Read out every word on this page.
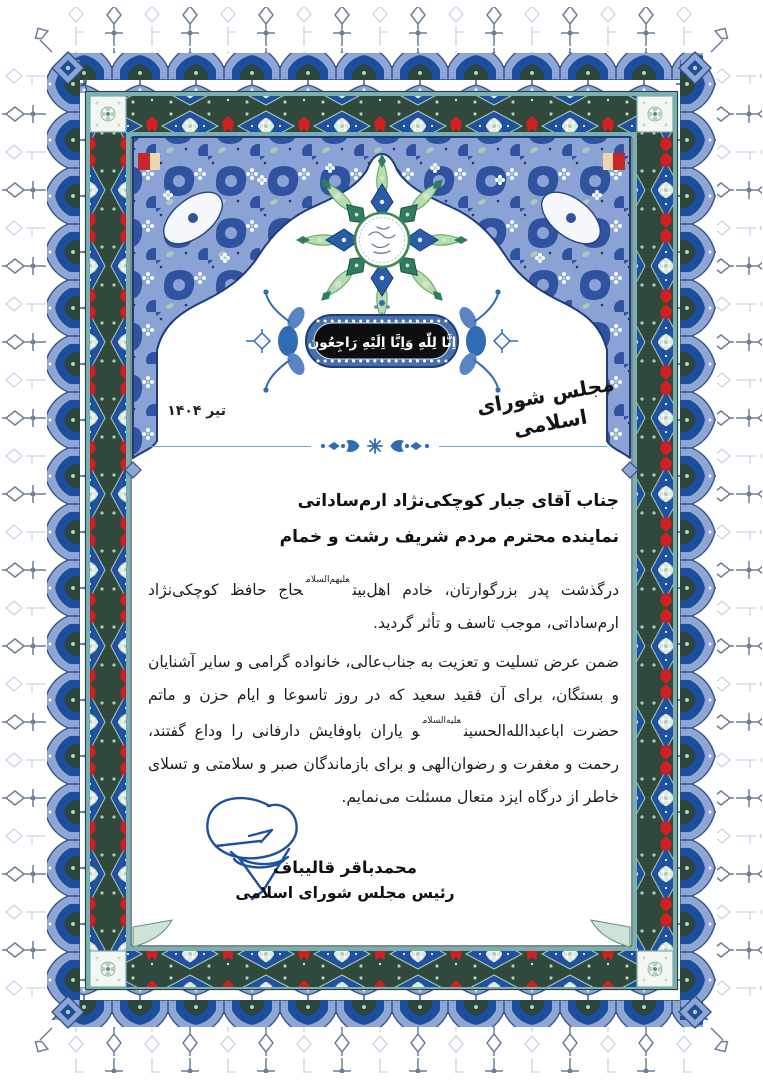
اِنَّا لِلّٰهِ وَاِنَّا اِلَيْهِ رَاجِعُون
مجلس شورای اسلامی
تیر ۱۴۰۴
جناب آقای جبار کوچکی‌نژاد ارم‌ساداتی
نماینده محترم مردم شریف رشت و خمام

درگذشت پدر بزرگوارتان، خادم اهل‌بیت$^{علیهم‌السلام}$حاج حافظ کوچکی‌نژاد ارم‌ساداتی، موجب تاسف و تأثر گردید.

ضمن عرض تسلیت و تعزیت به جناب‌عالی، خانواده گرامی و سایر آشنایان و بستگان، برای آن فقید سعید که در روز تاسوعا و ایام حزن و ماتم حضرت اباعبدالله‌الحسین$^{علیه‌السلام}$و یاران باوفایش دارفانی را وداع گفتند، رحمت و مغفرت و رضوان‌الهی و برای بازماندگان صبر و سلامتی و تسلای خاطر از درگاه ایزد متعال مسئلت می‌نمایم.

محمدباقر قالیباف
رئیس مجلس شورای اسلامی
